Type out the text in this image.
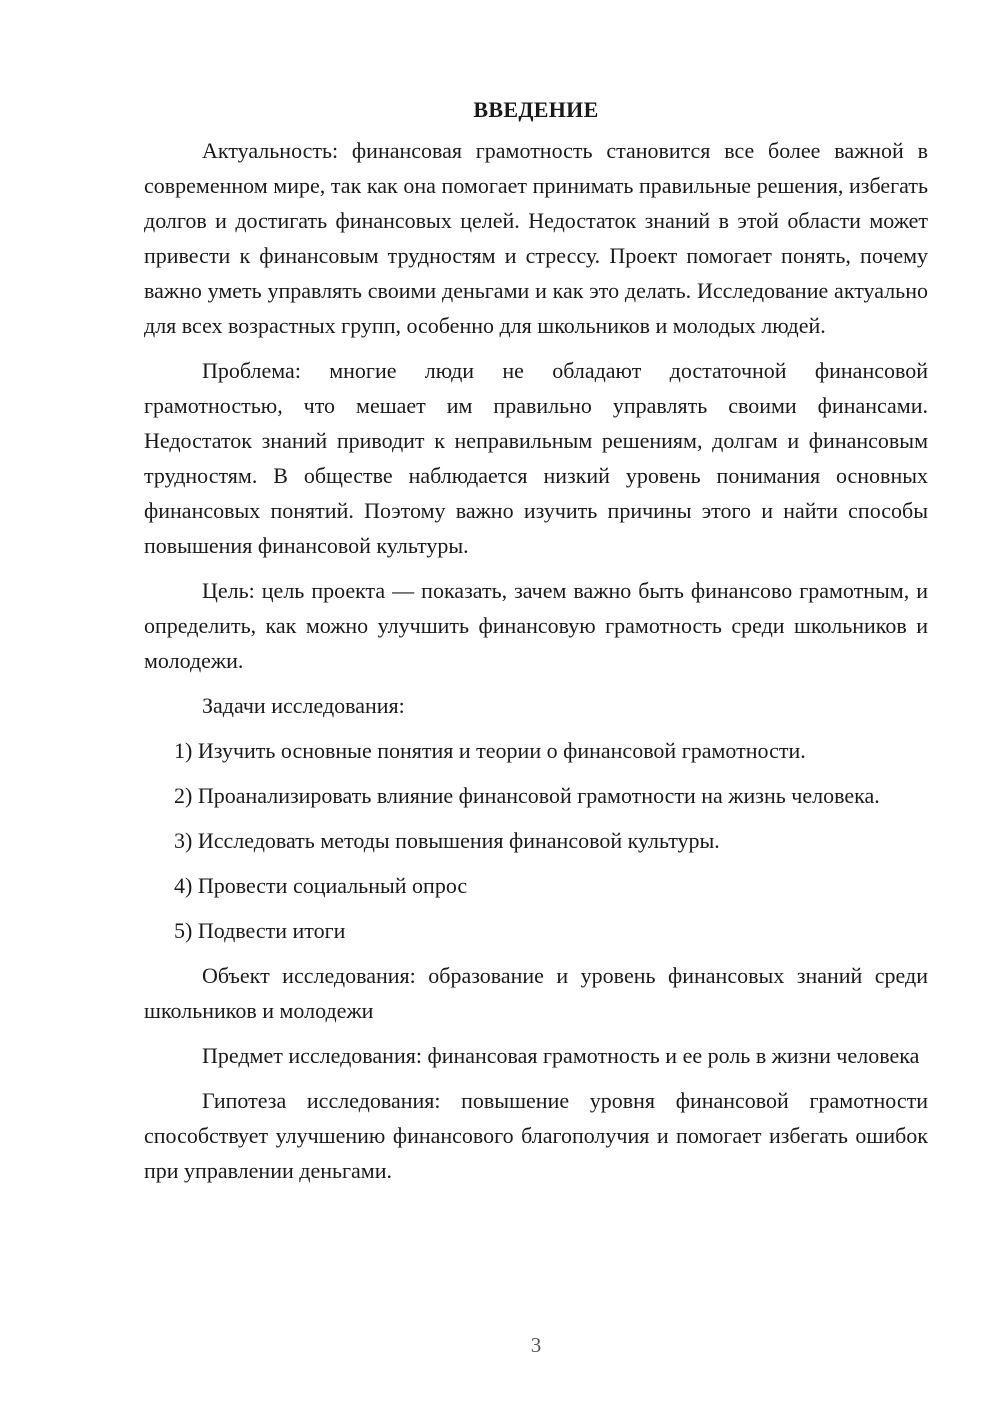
ВВЕДЕНИЕ

Актуальность: финансовая грамотность становится все более важной в современном мире, так как она помогает принимать правильные решения, избегать долгов и достигать финансовых целей. Недостаток знаний в этой области может привести к финансовым трудностям и стрессу. Проект помогает понять, почему важно уметь управлять своими деньгами и как это делать. Исследование актуально для всех возрастных групп, особенно для школьников и молодых людей.

Проблема: многие люди не обладают достаточной финансовой грамотностью, что мешает им правильно управлять своими финансами. Недостаток знаний приводит к неправильным решениям, долгам и финансовым трудностям. В обществе наблюдается низкий уровень понимания основных финансовых понятий. Поэтому важно изучить причины этого и найти способы повышения финансовой культуры.

Цель: цель проекта — показать, зачем важно быть финансово грамотным, и определить, как можно улучшить финансовую грамотность среди школьников и молодежи.

Задачи исследования:

1) Изучить основные понятия и теории о финансовой грамотности.

2) Проанализировать влияние финансовой грамотности на жизнь человека.

3) Исследовать методы повышения финансовой культуры.

4) Провести социальный опрос

5) Подвести итоги

Объект исследования: образование и уровень финансовых знаний среди школьников и молодежи

Предмет исследования: финансовая грамотность и ее роль в жизни человека

Гипотеза исследования: повышение уровня финансовой грамотности способствует улучшению финансового благополучия и помогает избегать ошибок при управлении деньгами.

3
